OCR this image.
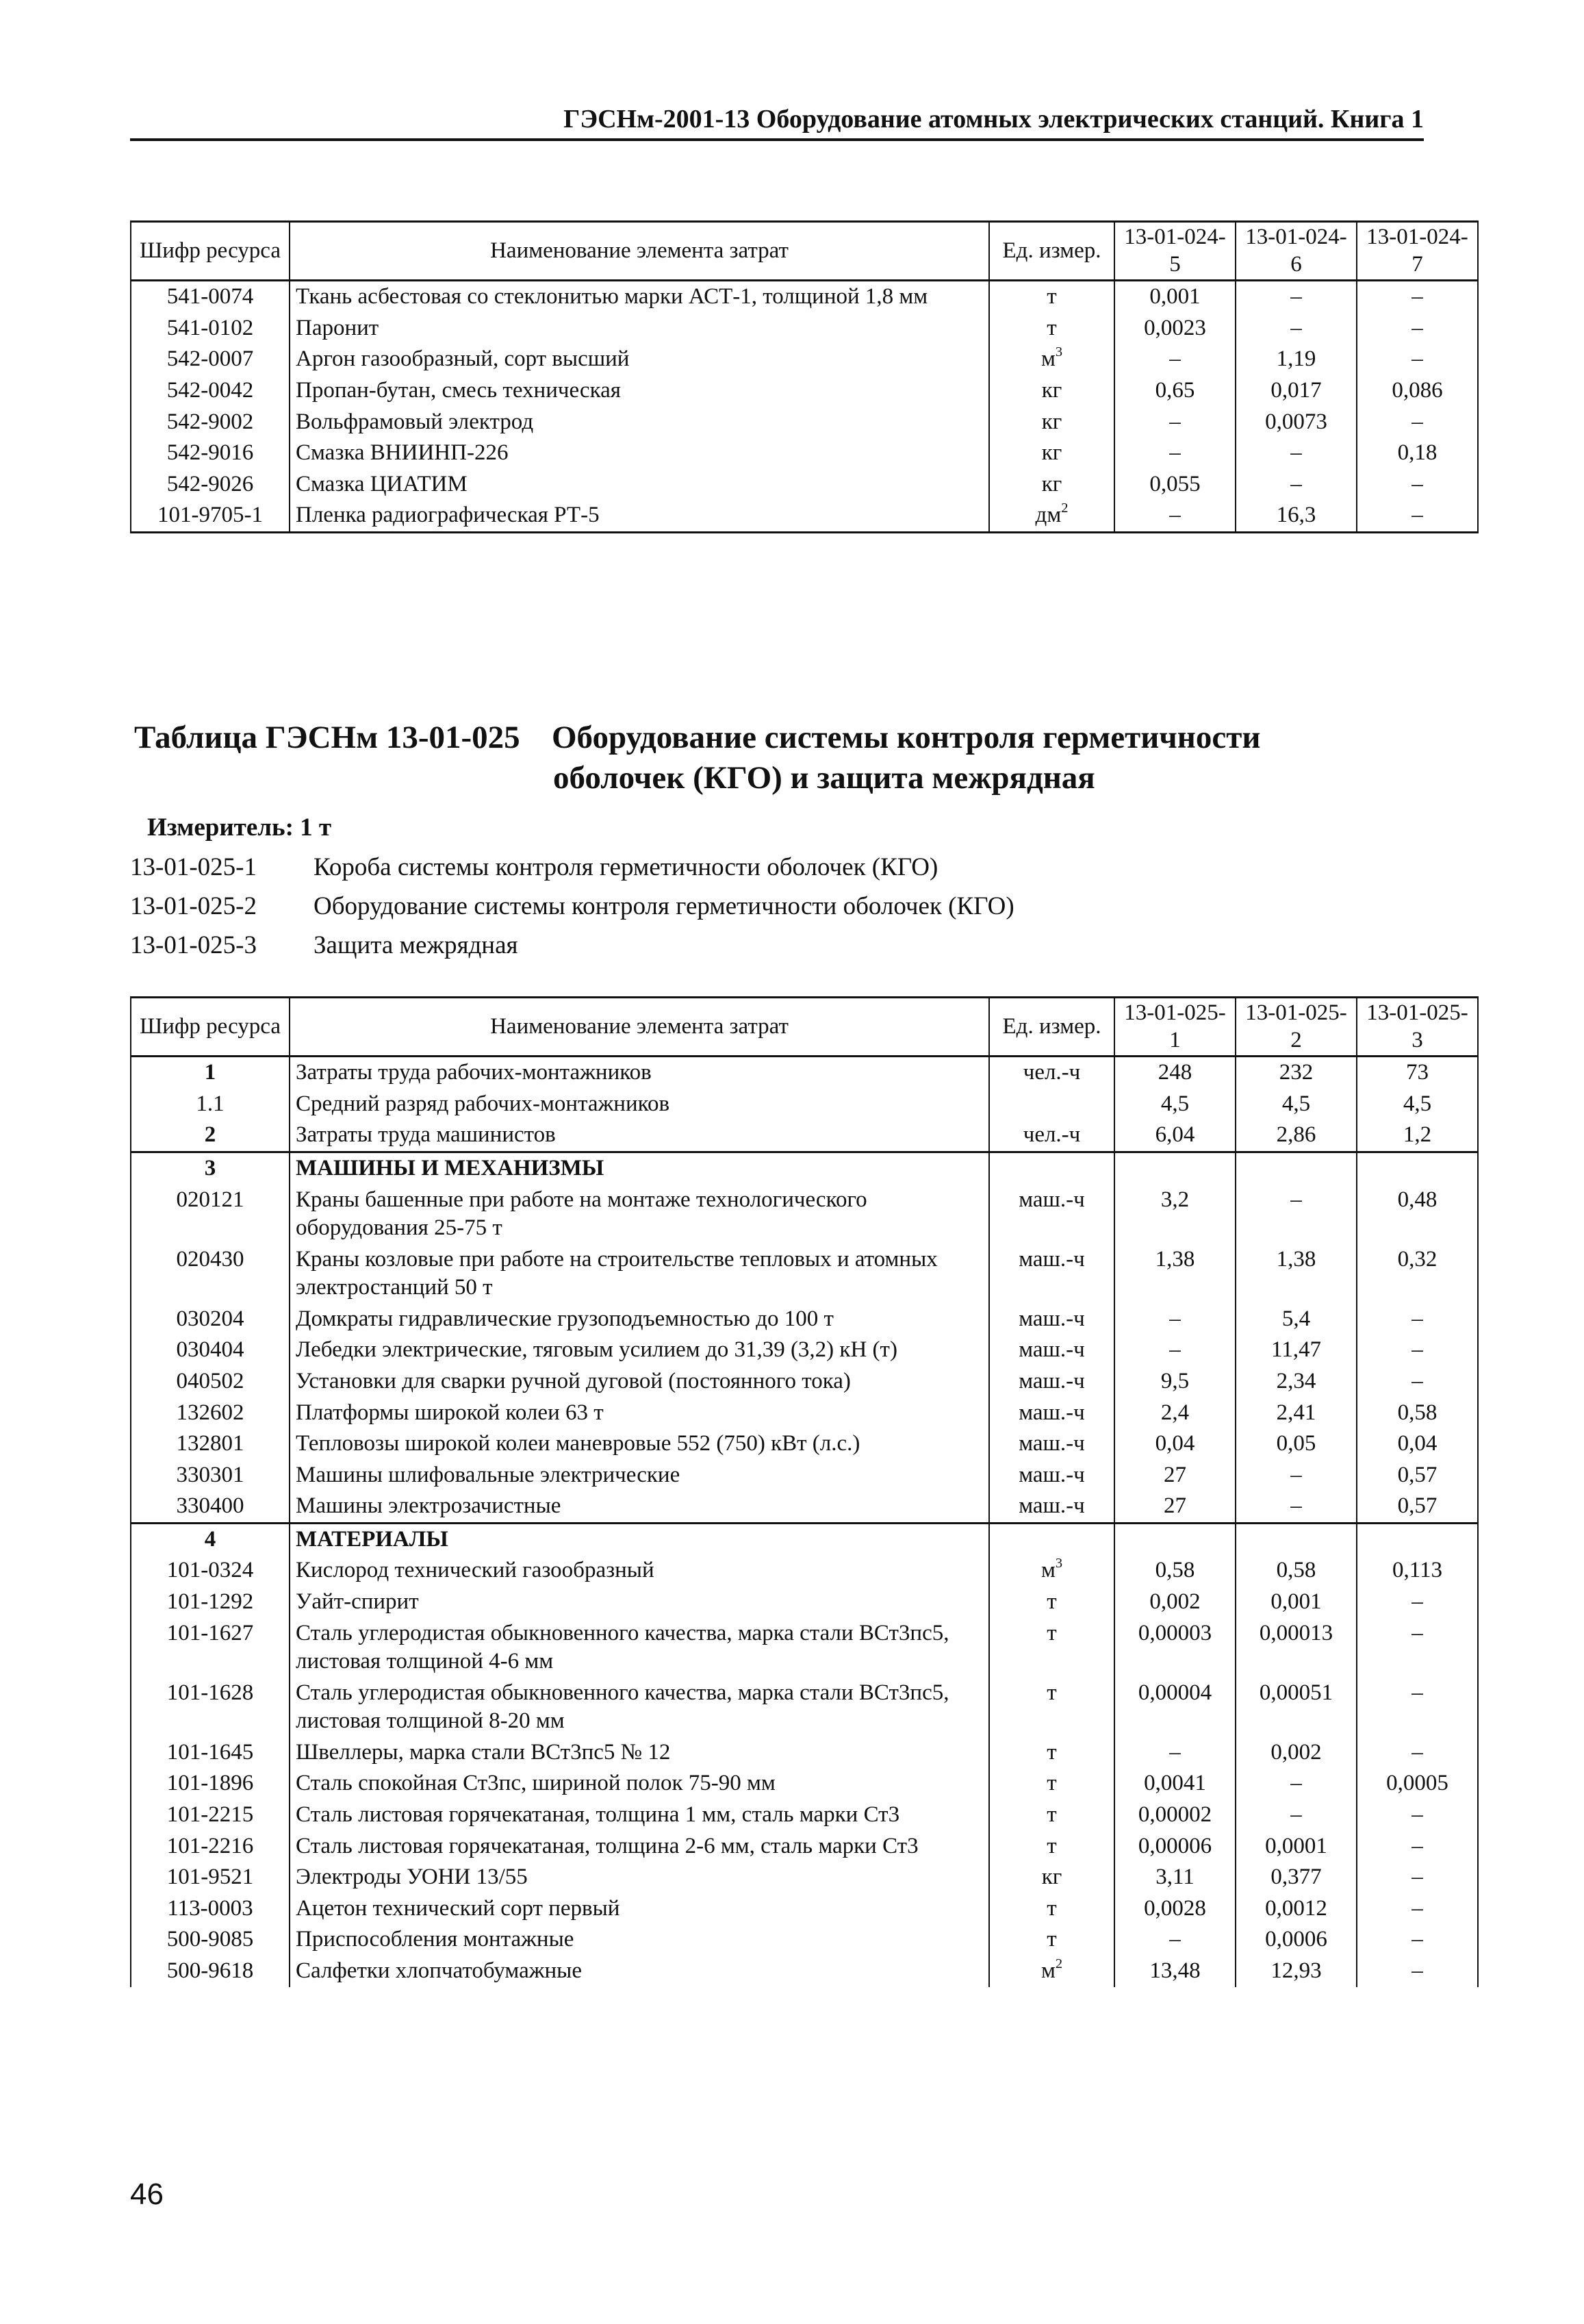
ГЭСНм-2001-13 Оборудование атомных электрических станций. Книга 1
Шифр ресурса	Наименование элемента затрат	Ед. измер.	13-01-024-5	13-01-024-6	13-01-024-7
541-0074	Ткань асбестовая со стеклонитью марки АСТ-1, толщиной 1,8 мм	т	0,001	–	–
541-0102	Паронит	т	0,0023	–	–
542-0007	Аргон газообразный, сорт высший	$м^3$	–	1,19	–
542-0042	Пропан-бутан, смесь техническая	кг	0,65	0,017	0,086
542-9002	Вольфрамовый электрод	кг	–	0,0073	–
542-9016	Смазка ВНИИНП-226	кг	–	–	0,18
542-9026	Смазка ЦИАТИМ	кг	0,055	–	–
101-9705-1	Пленка радиографическая РТ-5	$дм^2$	–	16,3	–
Таблица ГЭСНм 13-01-025 Оборудование системы контроля герметичности
оболочек (КГО) и защита межрядная
Измеритель: 1 т
13-01-025-1	Короба системы контроля герметичности оболочек (КГО)
13-01-025-2	Оборудование системы контроля герметичности оболочек (КГО)
13-01-025-3	Защита межрядная
Шифр ресурса	Наименование элемента затрат	Ед. измер.	13-01-025-1	13-01-025-2	13-01-025-3
1	Затраты труда рабочих-монтажников	чел.-ч	248	232	73
1.1	Средний разряд рабочих-монтажников		4,5	4,5	4,5
2	Затраты труда машинистов	чел.-ч	6,04	2,86	1,2
3	МАШИНЫ И МЕХАНИЗМЫ				
020121	Краны башенные при работе на монтаже технологического оборудования 25-75 т	маш.-ч	3,2	–	0,48
020430	Краны козловые при работе на строительстве тепловых и атомных электростанций 50 т	маш.-ч	1,38	1,38	0,32
030204	Домкраты гидравлические грузоподъемностью до 100 т	маш.-ч	–	5,4	–
030404	Лебедки электрические, тяговым усилием до 31,39 (3,2) кН (т)	маш.-ч	–	11,47	–
040502	Установки для сварки ручной дуговой (постоянного тока)	маш.-ч	9,5	2,34	–
132602	Платформы широкой колеи 63 т	маш.-ч	2,4	2,41	0,58
132801	Тепловозы широкой колеи маневровые 552 (750) кВт (л.с.)	маш.-ч	0,04	0,05	0,04
330301	Машины шлифовальные электрические	маш.-ч	27	–	0,57
330400	Машины электрозачистные	маш.-ч	27	–	0,57
4	МАТЕРИАЛЫ				
101-0324	Кислород технический газообразный	$м^3$	0,58	0,58	0,113
101-1292	Уайт-спирит	т	0,002	0,001	–
101-1627	Сталь углеродистая обыкновенного качества, марка стали ВСт3пс5, листовая толщиной 4-6 мм	т	0,00003	0,00013	–
101-1628	Сталь углеродистая обыкновенного качества, марка стали ВСт3пс5, листовая толщиной 8-20 мм	т	0,00004	0,00051	–
101-1645	Швеллеры, марка стали ВСт3пс5 № 12	т	–	0,002	–
101-1896	Сталь спокойная Ст3пс, шириной полок 75-90 мм	т	0,0041	–	0,0005
101-2215	Сталь листовая горячекатаная, толщина 1 мм, сталь марки Ст3	т	0,00002	–	–
101-2216	Сталь листовая горячекатаная, толщина 2-6 мм, сталь марки Ст3	т	0,00006	0,0001	–
101-9521	Электроды УОНИ 13/55	кг	3,11	0,377	–
113-0003	Ацетон технический сорт первый	т	0,0028	0,0012	–
500-9085	Приспособления монтажные	т	–	0,0006	–
500-9618	Салфетки хлопчатобумажные	$м^2$	13,48	12,93	–
46
